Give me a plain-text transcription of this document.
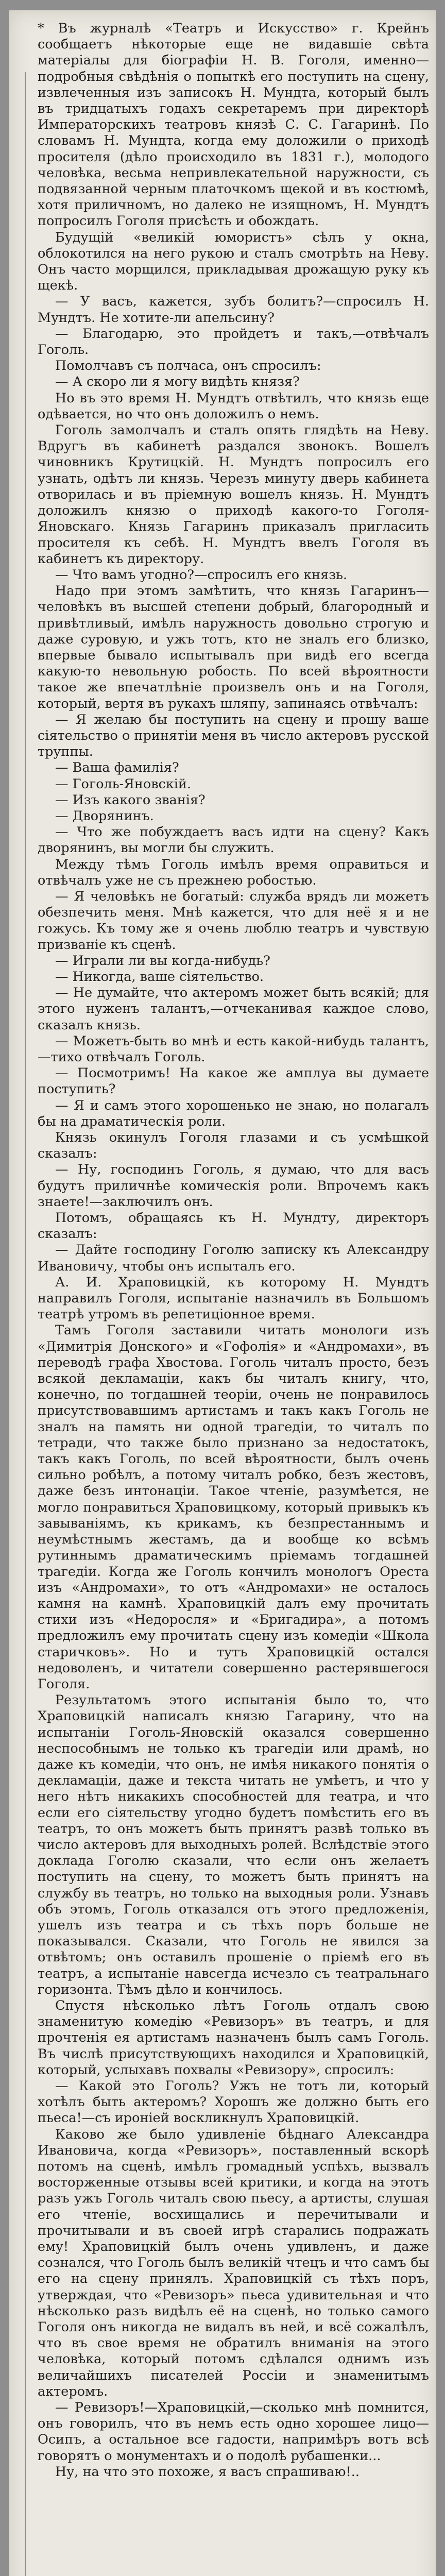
* Въ журналѣ «Театръ и Искусство» г. Крейнъ сообщаетъ нѣкоторые еще не видавшіе свѣта матеріалы для біографіи Н. В. Гоголя, именно—подробныя свѣдѣнія о попыткѣ его поступить на сцену, извлеченныя изъ записокъ Н. Мундта, который былъ въ тридцатыхъ годахъ секретаремъ при директорѣ Императорскихъ театровъ князѣ С. С. Гагаринѣ. По словамъ Н. Мундта, когда ему доложили о приходѣ просителя (дѣло происходило въ 1831 г.), молодого человѣка, весьма непривлекательной наружности, съ подвязанной черным платочкомъ щекой и въ костюмѣ, хотя приличномъ, но далеко не изящномъ, Н. Мундтъ попросилъ Гоголя присѣсть и обождать.

Будущій «великій юмористъ» сѣлъ у окна, облокотился на него рукою и сталъ смотрѣть на Неву. Онъ часто морщился, прикладывая дрожащую руку къ щекѣ.

— У васъ, кажется, зубъ болитъ?—спросилъ Н. Мундтъ. Не хотите-ли апельсину?

— Благодарю, это пройдетъ и такъ,—отвѣчалъ Гоголь.

Помолчавъ съ полчаса, онъ спросилъ:

— А скоро ли я могу видѣть князя?

Но въ это время Н. Мундтъ отвѣтилъ, что князь еще одѣвается, но что онъ доложилъ о немъ.

Гоголь замолчалъ и сталъ опять глядѣть на Неву. Вдругъ въ кабинетѣ раздался звонокъ. Вошелъ чиновникъ Крутицкій. Н. Мундтъ попросилъ его узнать, одѣтъ ли князь. Черезъ минуту дверь кабинета отворилась и въ пріемную вошелъ князь. Н. Мундтъ доложилъ князю о приходѣ какого-то Гоголя-Яновскаго. Князь Гагаринъ приказалъ пригласить просителя къ себѣ. Н. Мундтъ ввелъ Гоголя въ кабинетъ къ директору.

— Что вамъ угодно?—спросилъ его князь.

Надо при этомъ замѣтить, что князь Гагаринъ—человѣкъ въ высшей степени добрый, благородный и привѣтливый, имѣлъ наружность довольно строгую и даже суровую, и ужъ тотъ, кто не зналъ его близко, впервые бывало испытывалъ при видѣ его всегда какую-то невольную робость. По всей вѣроятности такое же впечатлѣніе произвелъ онъ и на Гоголя, который, вертя въ рукахъ шляпу, запинаясь отвѣчалъ:

— Я желаю бы поступить на сцену и прошу ваше сіятельство о принятіи меня въ число актеровъ русской труппы.

— Ваша фамилія?

— Гоголь-Яновскій.

— Изъ какого званія?

— Дворянинъ.

— Что же побуждаетъ васъ идти на сцену? Какъ дворянинъ, вы могли бы служить.

Между тѣмъ Гоголь имѣлъ время оправиться и отвѣчалъ уже не съ прежнею робостью.

— Я человѣкъ не богатый: служба врядъ ли можетъ обезпечить меня. Мнѣ кажется, что для неё я и не гожусь. Къ тому же я очень люблю театръ и чувствую призваніе къ сценѣ.

— Играли ли вы когда-нибудь?

— Никогда, ваше сіятельство.

— Не думайте, что актеромъ может быть всякій; для этого нуженъ талантъ,—отчеканивая каждое слово, сказалъ князь.

— Можетъ-быть во мнѣ и есть какой-нибудь талантъ,—тихо отвѣчалъ Гоголь.

— Посмотримъ! На какое же амплуа вы думаете поступить?

— Я и самъ этого хорошенько не знаю, но полагалъ бы на драматическія роли.

Князь окинулъ Гоголя глазами и съ усмѣшкой сказалъ:

— Ну, господинъ Гоголь, я думаю, что для васъ будутъ приличнѣе комическія роли. Впрочемъ какъ знаете!—заключилъ онъ.

Потомъ, обращаясь къ Н. Мундту, директоръ сказалъ:

— Дайте господину Гоголю записку къ Александру Ивановичу, чтобы онъ испыталъ его.

А. И. Храповицкій, къ которому Н. Мундтъ направилъ Гоголя, испытаніе назначилъ въ Большомъ театрѣ утромъ въ репетиціонное время.

Тамъ Гоголя заставили читать монологи изъ «Димитрія Донского» и «Гофолія» и «Андромахи», въ переводѣ графа Хвостова. Гоголь читалъ просто, безъ всякой декламаціи, какъ бы читалъ книгу, что, конечно, по тогдашней теоріи, очень не понравилось присутствовавшимъ артистамъ и такъ какъ Гоголь не зналъ на память ни одной трагедіи, то читалъ по тетради, что также было признано за недостатокъ, такъ какъ Гоголь, по всей вѣроятности, былъ очень сильно робѣлъ, а потому читалъ робко, безъ жестовъ, даже безъ интонаціи. Такое чтеніе, разумѣется, не могло понравиться Храповицкому, который привыкъ къ завываніямъ, къ крикамъ, къ безпрестаннымъ и неумѣстнымъ жестамъ, да и вообще ко всѣмъ рутиннымъ драматическимъ пріемамъ тогдашней трагедіи. Когда же Гоголь кончилъ монологъ Ореста изъ «Андромахи», то отъ «Андромахи» не осталось камня на камнѣ. Храповицкій далъ ему прочитать стихи изъ «Недоросля» и «Бригадира», а потомъ предложилъ ему прочитать сцену изъ комедіи «Школа старичковъ». Но и тутъ Храповицкій остался недоволенъ, и читатели совершенно растерявшегося Гоголя.

Результатомъ этого испытанія было то, что Храповицкій написалъ князю Гагарину, что на испытаніи Гоголь-Яновскій оказался совершенно неспособнымъ не только къ трагедіи или драмѣ, но даже къ комедіи, что онъ, не имѣя никакого понятія о декламаціи, даже и текста читать не умѣетъ, и что у него нѣтъ никакихъ способностей для театра, и что если его сіятельству угодно будетъ помѣстить его въ театръ, то онъ можетъ быть принятъ развѣ только въ число актеровъ для выходныхъ ролей. Вслѣдствіе этого доклада Гоголю сказали, что если онъ желаетъ поступить на сцену, то можетъ быть принятъ на службу въ театръ, но только на выходныя роли. Узнавъ объ этомъ, Гоголь отказался отъ этого предложенія, ушелъ изъ театра и съ тѣхъ поръ больше не показывался. Сказали, что Гоголь не явился за отвѣтомъ; онъ оставилъ прошеніе о пріемѣ его въ театръ, а испытаніе навсегда исчезло съ театральнаго горизонта. Тѣмъ дѣло и кончилось.

Спустя нѣсколько лѣтъ Гоголь отдалъ свою знаменитую комедію «Ревизоръ» въ театръ, и для прочтенія ея артистамъ назначенъ былъ самъ Гоголь. Въ числѣ присутствующихъ находился и Храповицкій, который, услыхавъ похвалы «Ревизору», спросилъ:

— Какой это Гоголь? Ужъ не тотъ ли, который хотѣлъ быть актеромъ? Хорошъ же должно быть его пьеса!—съ ироніей воскликнулъ Храповицкій.

Каково же было удивленіе бѣднаго Александра Ивановича, когда «Ревизоръ», поставленный вскорѣ потомъ на сценѣ, имѣлъ громадный успѣхъ, вызвалъ восторженные отзывы всей критики, и когда на этотъ разъ ужъ Гоголь читалъ свою пьесу, а артисты, слушая его чтеніе, восхищались и перечитывали и прочитывали и въ своей игрѣ старались подражать ему! Храповицкій былъ очень удивленъ, и даже сознался, что Гоголь былъ великій чтецъ и что самъ бы его на сцену принялъ. Храповицкій съ тѣхъ поръ, утверждая, что «Ревизоръ» пьеса удивительная и что нѣсколько разъ видѣлъ её на сценѣ, но только самого Гоголя онъ никогда не видалъ въ ней, и всё сожалѣлъ, что въ свое время не обратилъ вниманія на этого человѣка, который потомъ сдѣлался однимъ изъ величайшихъ писателей Россіи и знаменитымъ актеромъ.

— Ревизоръ!—Храповицкій,—сколько мнѣ помнится, онъ говорилъ, что въ немъ есть одно хорошее лицо—Осипъ, а остальное все гадости, напримѣръ вотъ всѣ говорятъ о монументахъ и о подолѣ рубашенки...

Ну, на что это похоже, я васъ спрашиваю!..
